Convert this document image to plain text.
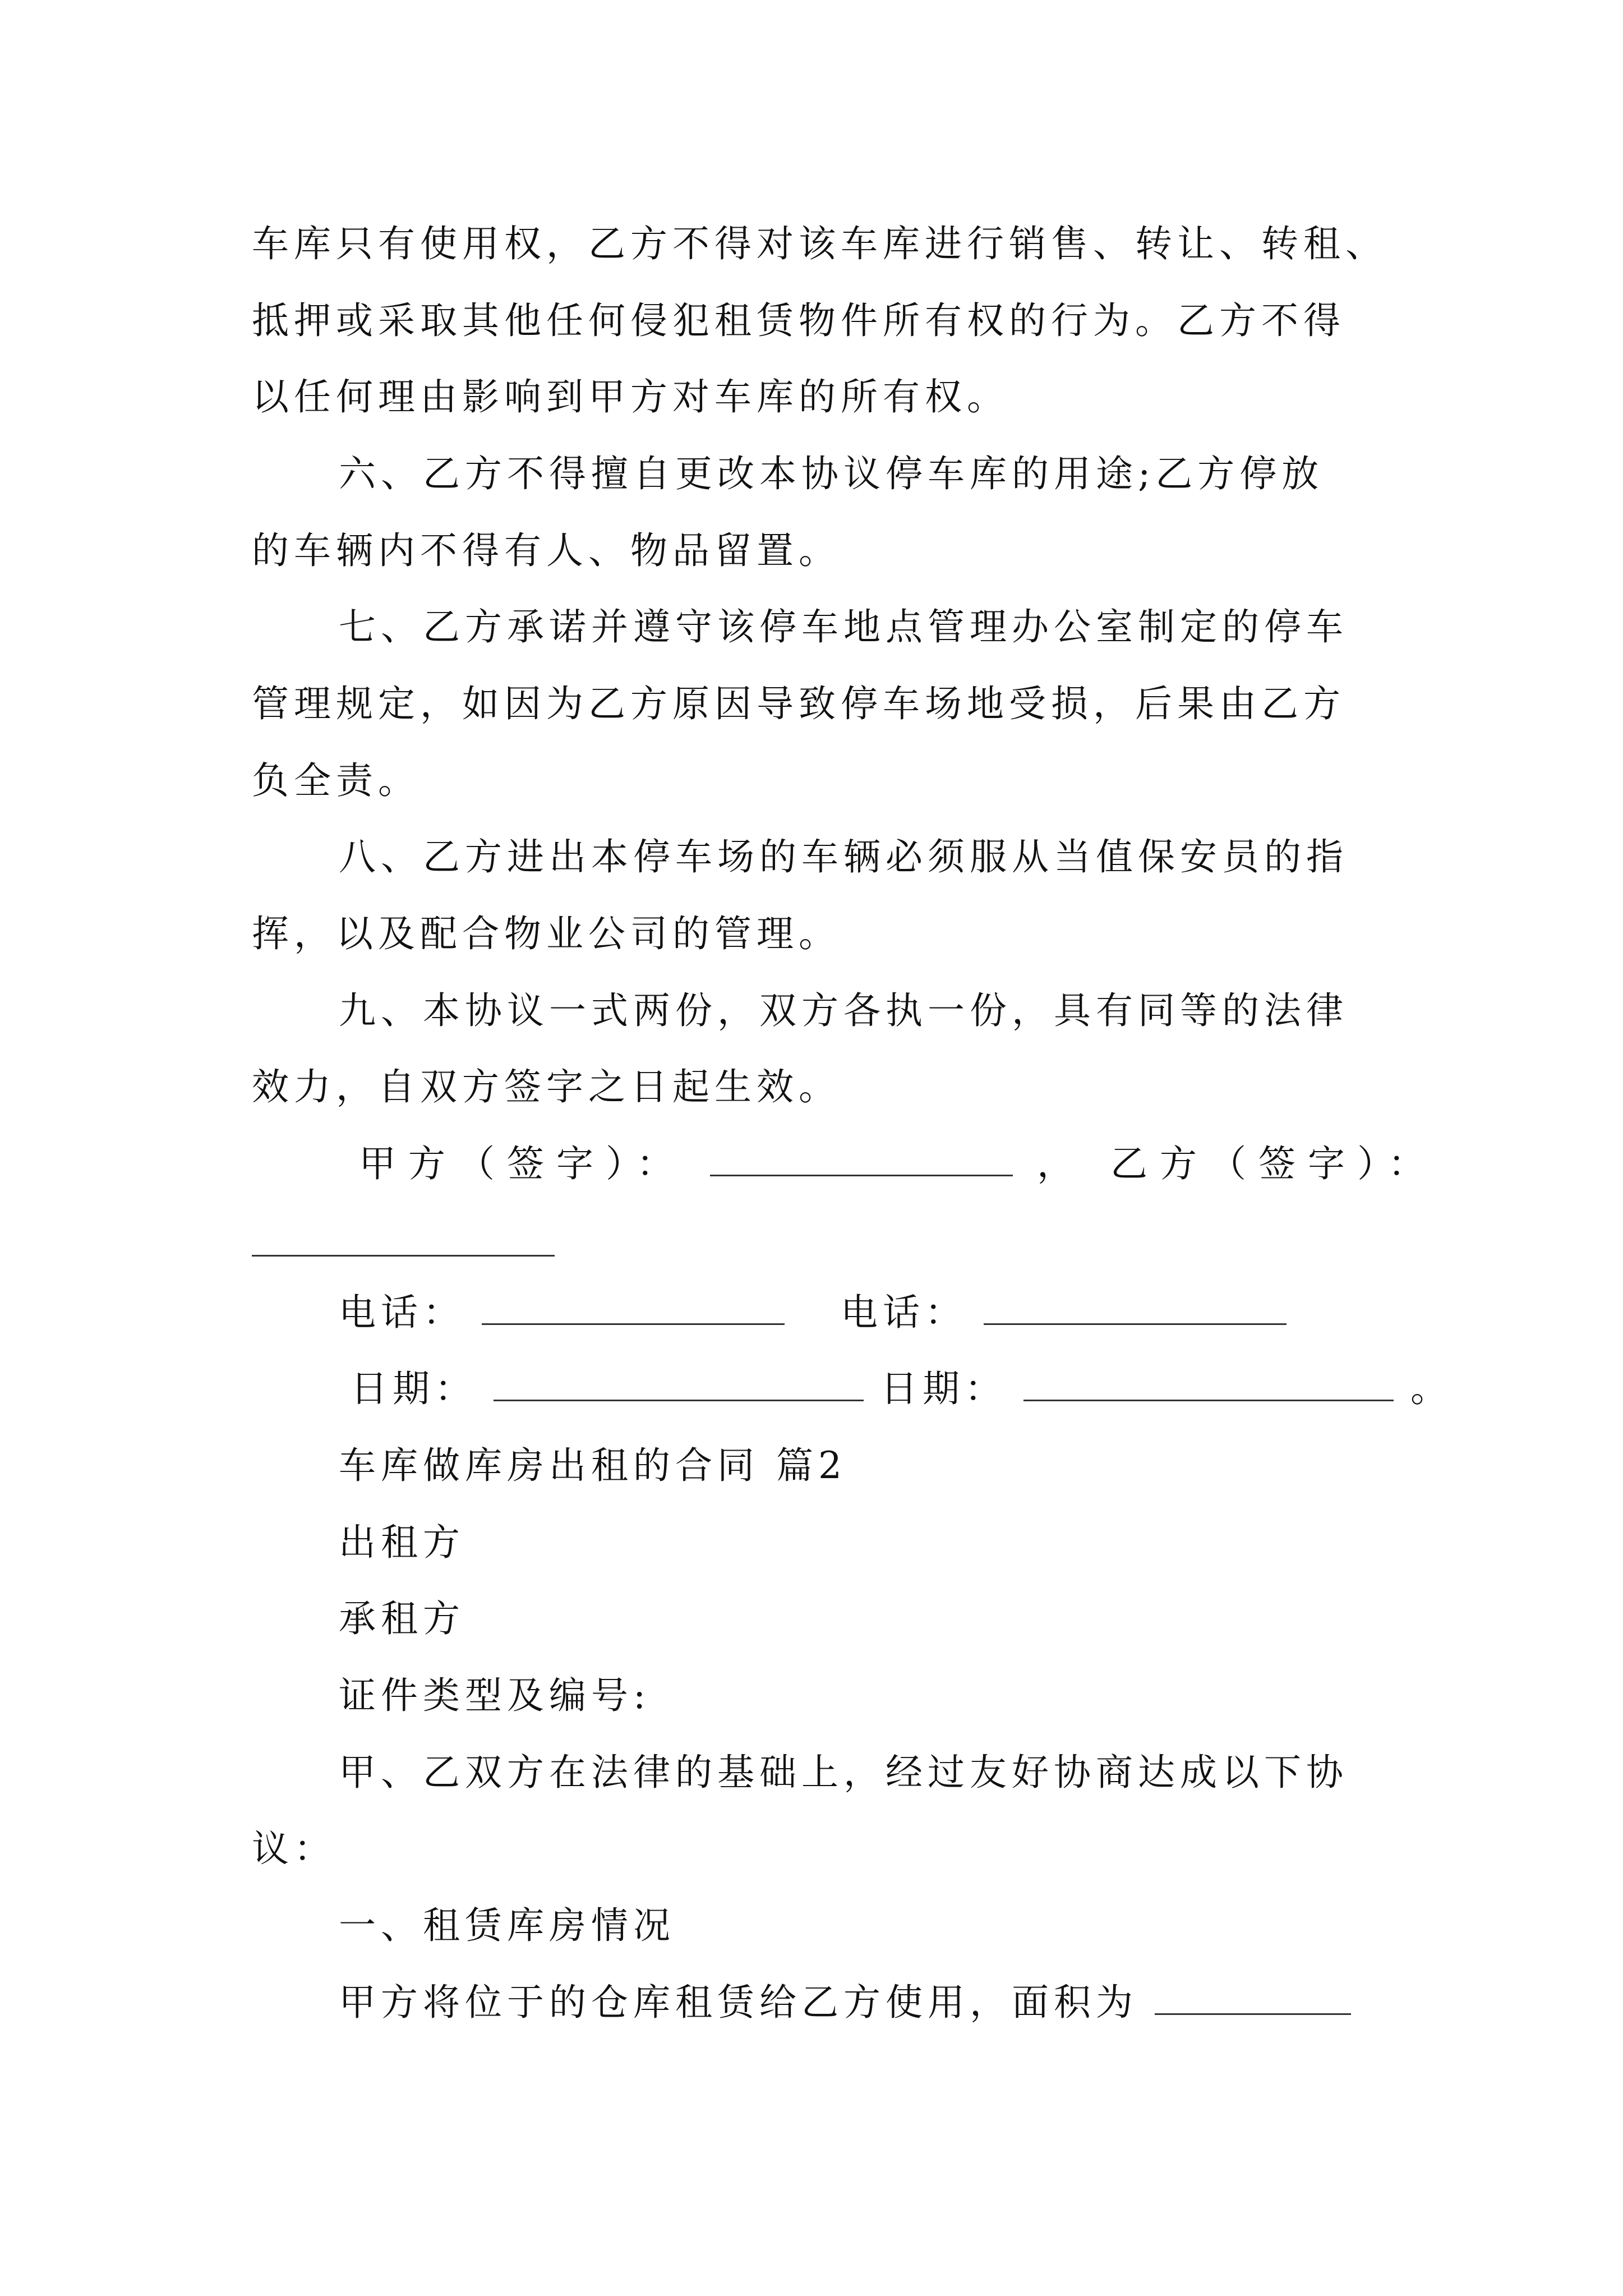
车库只有使用权，乙方不得对该车库进行销售、转让、转租、
抵押或采取其他任何侵犯租赁物件所有权的行为。乙方不得
以任何理由影响到甲方对车库的所有权。
六、乙方不得擅自更改本协议停车库的用途;乙方停放
的车辆内不得有人、物品留置。
七、乙方承诺并遵守该停车地点管理办公室制定的停车
管理规定，如因为乙方原因导致停车场地受损，后果由乙方
负全责。
八、乙方进出本停车场的车辆必须服从当值保安员的指
挥，以及配合物业公司的管理。
九、本协议一式两份，双方各执一份，具有同等的法律
效力，自双方签字之日起生效。
甲方（签字）：	， 乙方（签字）：
电话：	电话：
日期：	日期：	。
车库做库房出租的合同 篇2
出租方
承租方
证件类型及编号:
甲、乙双方在法律的基础上，经过友好协商达成以下协
议：
一、租赁库房情况
甲方将位于的仓库租赁给乙方使用，面积为
